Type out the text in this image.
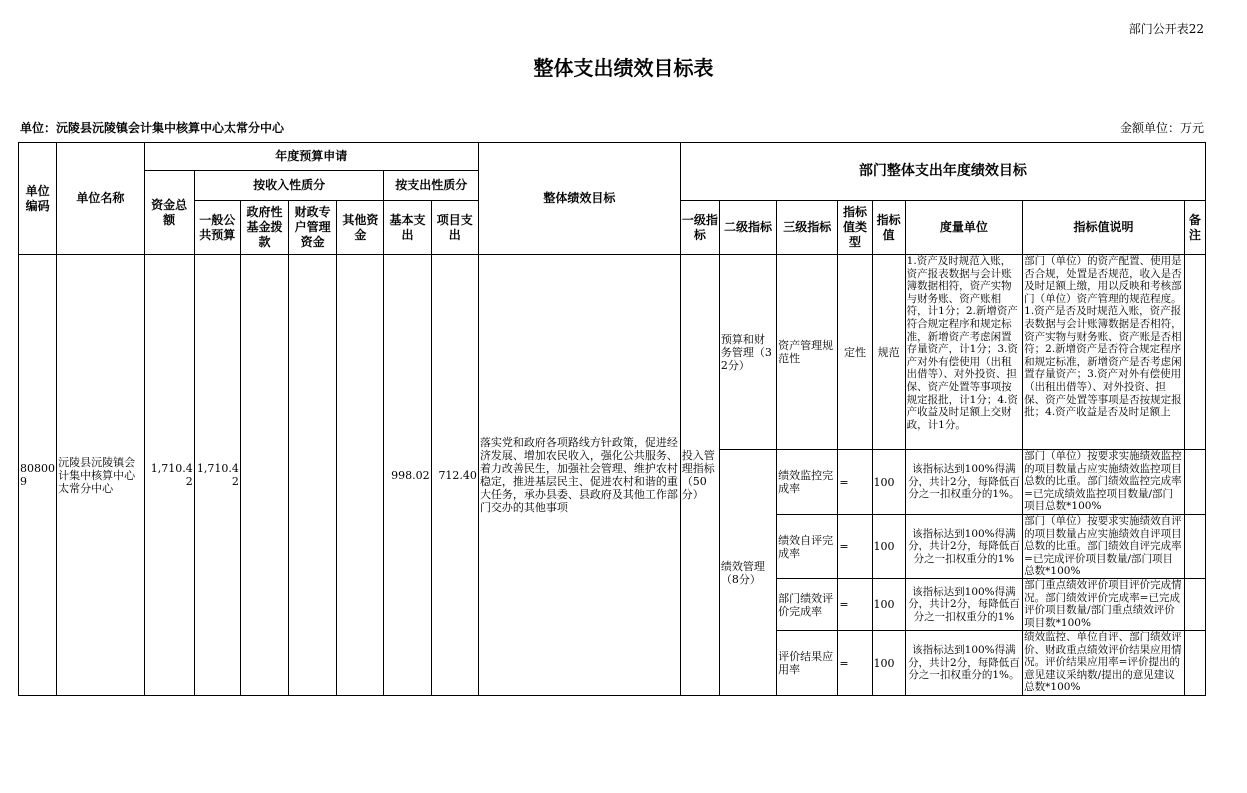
部门公开表22
整体支出绩效目标表
单位：沅陵县沅陵镇会计集中核算中心太常分中心	金额单位：万元
单位编码	单位名称	年度预算申请							整体绩效目标	部门整体支出年度绩效目标							
		资金总额	按收入性质分				按支出性质分										
			一般公共预算	政府性基金拨款	财政专户管理资金	其他资金	基本支出	项目支出		一级指标	二级指标	三级指标	指标值类型	指标值	度量单位	指标值说明	备注
808009	沅陵县沅陵镇会计集中核算中心太常分中心	1,710.42	1,710.42				998.02	712.40	落实党和政府各项路线方针政策，促进经济发展、增加农民收入，强化公共服务、着力改善民生，加强社会管理、维护农村稳定，推进基层民主、促进农村和谐的重大任务，承办县委、县政府及其他工作部门交办的其他事项	投入管理指标（50分）	预算和财务管理（32分）	资产管理规范性	定性	规范	1.资产及时规范入账，资产报表数据与会计账簿数据相符，资产实物与财务账、资产账相符，计1分；2.新增资产符合规定程序和规定标准，新增资产考虑闲置存量资产，计1分；3.资产对外有偿使用（出租出借等）、对外投资、担保、资产处置等事项按规定报批，计1分；4.资产收益及时足额上交财政，计1分。	部门（单位）的资产配置、使用是否合规，处置是否规范，收入是否及时足额上缴，用以反映和考核部门（单位）资产管理的规范程度。1.资产是否及时规范入账，资产报表数据与会计账簿数据是否相符，资产实物与财务账、资产账是否相符；2.新增资产是否符合规定程序和规定标准，新增资产是否考虑闲置存量资产；3.资产对外有偿使用（出租出借等）、对外投资、担保、资产处置等事项是否按规定报批；4.资产收益是否及时足额上	

											绩效管理（8分）	绩效监控完成率	=	100	该指标达到100%得满分，共计2分，每降低百分之一扣权重分的1%。	部门（单位）按要求实施绩效监控的项目数量占应实施绩效监控项目总数的比重。部门绩效监控完成率=已完成绩效监控项目数量/部门项目总数*100%	

												绩效自评完成率	=	100	该指标达到100%得满分，共计2分，每降低百分之一扣权重分的1%	部门（单位）按要求实施绩效自评的项目数量占应实施绩效自评项目总数的比重。部门绩效自评完成率=已完成评价项目数量/部门项目总数*100%	

												部门绩效评价完成率	=	100	该指标达到100%得满分，共计2分，每降低百分之一扣权重分的1%	部门重点绩效评价项目评价完成情况。部门绩效评价完成率=已完成评价项目数量/部门重点绩效评价项目数*100%	

												评价结果应用率	=	100	该指标达到100%得满分，共计2分，每降低百分之一扣权重分的1%。	绩效监控、单位自评、部门绩效评价、财政重点绩效评价结果应用情况。评价结果应用率=评价提出的意见建议采纳数/提出的意见建议总数*100%	
